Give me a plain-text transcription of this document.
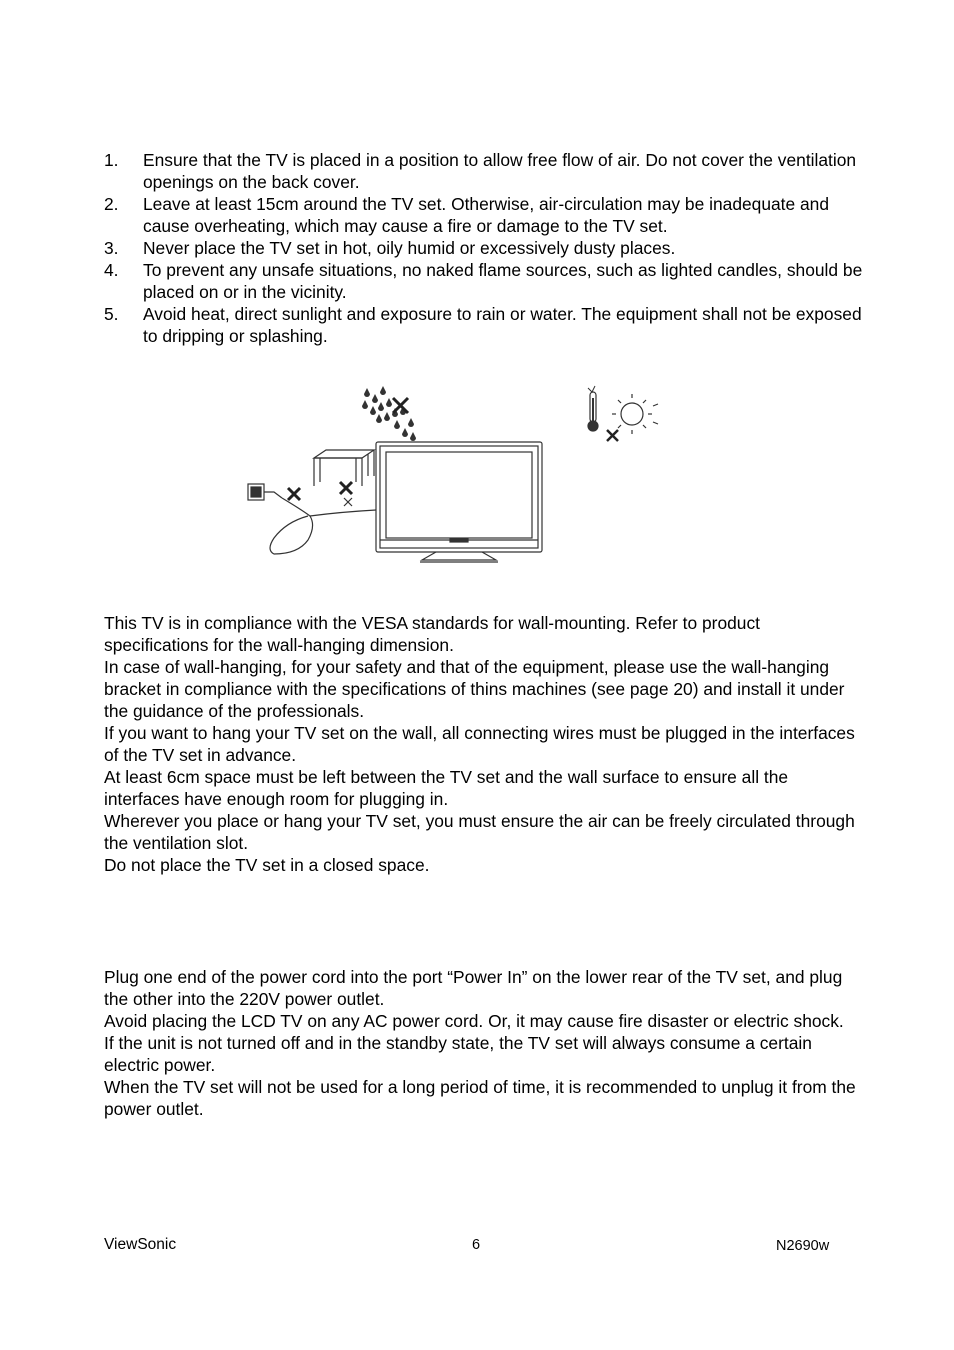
1. Ensure that the TV is placed in a position to allow free flow of air. Do not cover the ventilation openings on the back cover.
2. Leave at least 15cm around the TV set. Otherwise, air-circulation may be inadequate and cause overheating, which may cause a fire or damage to the TV set.
3. Never place the TV set in hot, oily humid or excessively dusty places.
4. To prevent any unsafe situations, no naked flame sources, such as lighted candles, should be placed on or in the vicinity.
5. Avoid heat, direct sunlight and exposure to rain or water. The equipment shall not be exposed to dripping or splashing.

This TV is in compliance with the VESA standards for wall-mounting. Refer to product specifications for the wall-hanging dimension.

In case of wall-hanging, for your safety and that of the equipment, please use the wall-hanging bracket in compliance with the specifications of thins machines (see page 20) and install it under the guidance of the professionals.

If you want to hang your TV set on the wall, all connecting wires must be plugged in the interfaces of the TV set in advance.

At least 6cm space must be left between the TV set and the wall surface to ensure all the interfaces have enough room for plugging in.

Wherever you place or hang your TV set, you must ensure the air can be freely circulated through the ventilation slot.

Do not place the TV set in a closed space.

Plug one end of the power cord into the port “Power In” on the lower rear of the TV set, and plug the other into the 220V power outlet.

Avoid placing the LCD TV on any AC power cord. Or, it may cause fire disaster or electric shock.

If the unit is not turned off and in the standby state, the TV set will always consume a certain electric power.

When the TV set will not be used for a long period of time, it is recommended to unplug it from the power outlet.

ViewSonic	6	N2690w
